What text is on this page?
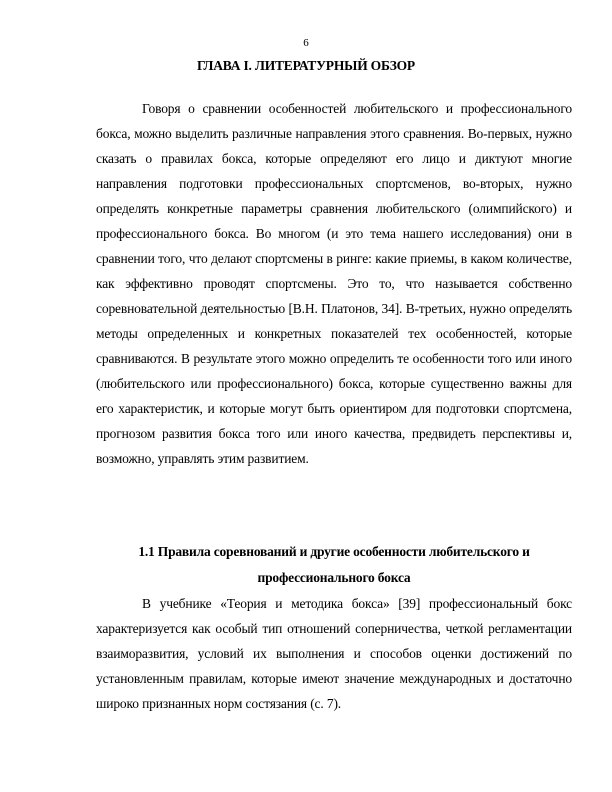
6
ГЛАВА I. ЛИТЕРАТУРНЫЙ ОБЗОР

Говоря о сравнении особенностей любительского и профессионального бокса, можно выделить различные направления этого сравнения. Во-первых, нужно сказать о правилах бокса, которые определяют его лицо и диктуют многие направления подготовки профессиональных спортсменов, во-вторых, нужно определять конкретные параметры сравнения любительского (олимпийского) и профессионального бокса. Во многом (и это тема нашего исследования) они в сравнении того, что делают спортсмены в ринге: какие приемы, в каком количестве, как эффективно проводят спортсмены. Это то, что называется собственно соревновательной деятельностью [В.Н. Платонов, 34]. В-третьих, нужно определять методы определенных и конкретных показателей тех особенностей, которые сравниваются. В результате этого можно определить те особенности того или иного (любительского или профессионального) бокса, которые существенно важны для его характеристик, и которые могут быть ориентиром для подготовки спортсмена, прогнозом развития бокса того или иного качества, предвидеть перспективы и, возможно, управлять этим развитием.

1.1 Правила соревнований и другие особенности любительского и профессионального бокса

В учебнике «Теория и методика бокса» [39] профессиональный бокс характеризуется как особый тип отношений соперничества, четкой регламентации взаиморазвития, условий их выполнения и способов оценки достижений по установленным правилам, которые имеют значение международных и достаточно широко признанных норм состязания (с. 7).
